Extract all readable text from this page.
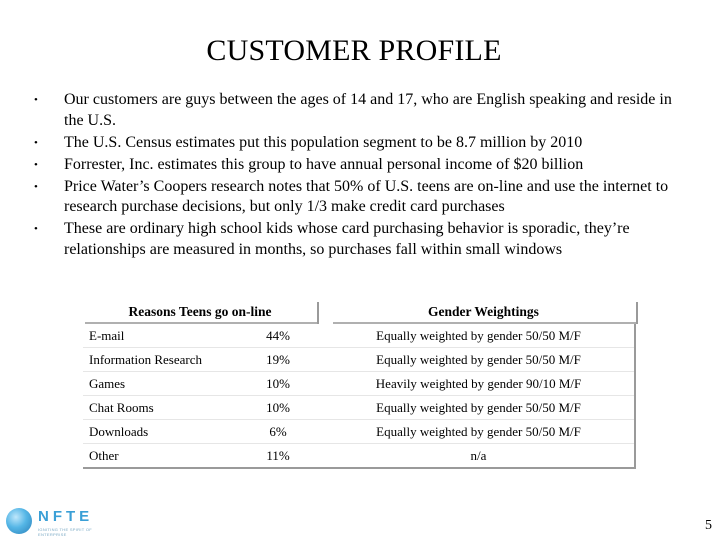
CUSTOMER PROFILE
•	Our customers are guys between the ages of 14 and 17, who are English speaking and reside in the U.S.
•	The U.S. Census estimates put this population segment to be 8.7 million by 2010
•	Forrester, Inc. estimates this group to have annual personal income of $20 billion
•	Price Water’s Coopers research notes that 50% of U.S. teens are on-line and use the internet to research purchase decisions, but only 1/3 make credit card purchases
•	These are ordinary high school kids whose card purchasing behavior is sporadic, they’re relationships are measured in months, so purchases fall within small windows
Reasons Teens go on-line	Gender Weightings
E-mail	44%	Equally weighted by gender 50/50 M/F
Information Research	19%	Equally weighted by gender 50/50 M/F
Games	10%	Heavily weighted by gender 90/10 M/F
Chat Rooms	10%	Equally weighted by gender 50/50 M/F
Downloads	6%	Equally weighted by gender 50/50 M/F
Other	11%	n/a
NFTE
IGNITING THE SPIRIT OF ENTERPRISE
5
